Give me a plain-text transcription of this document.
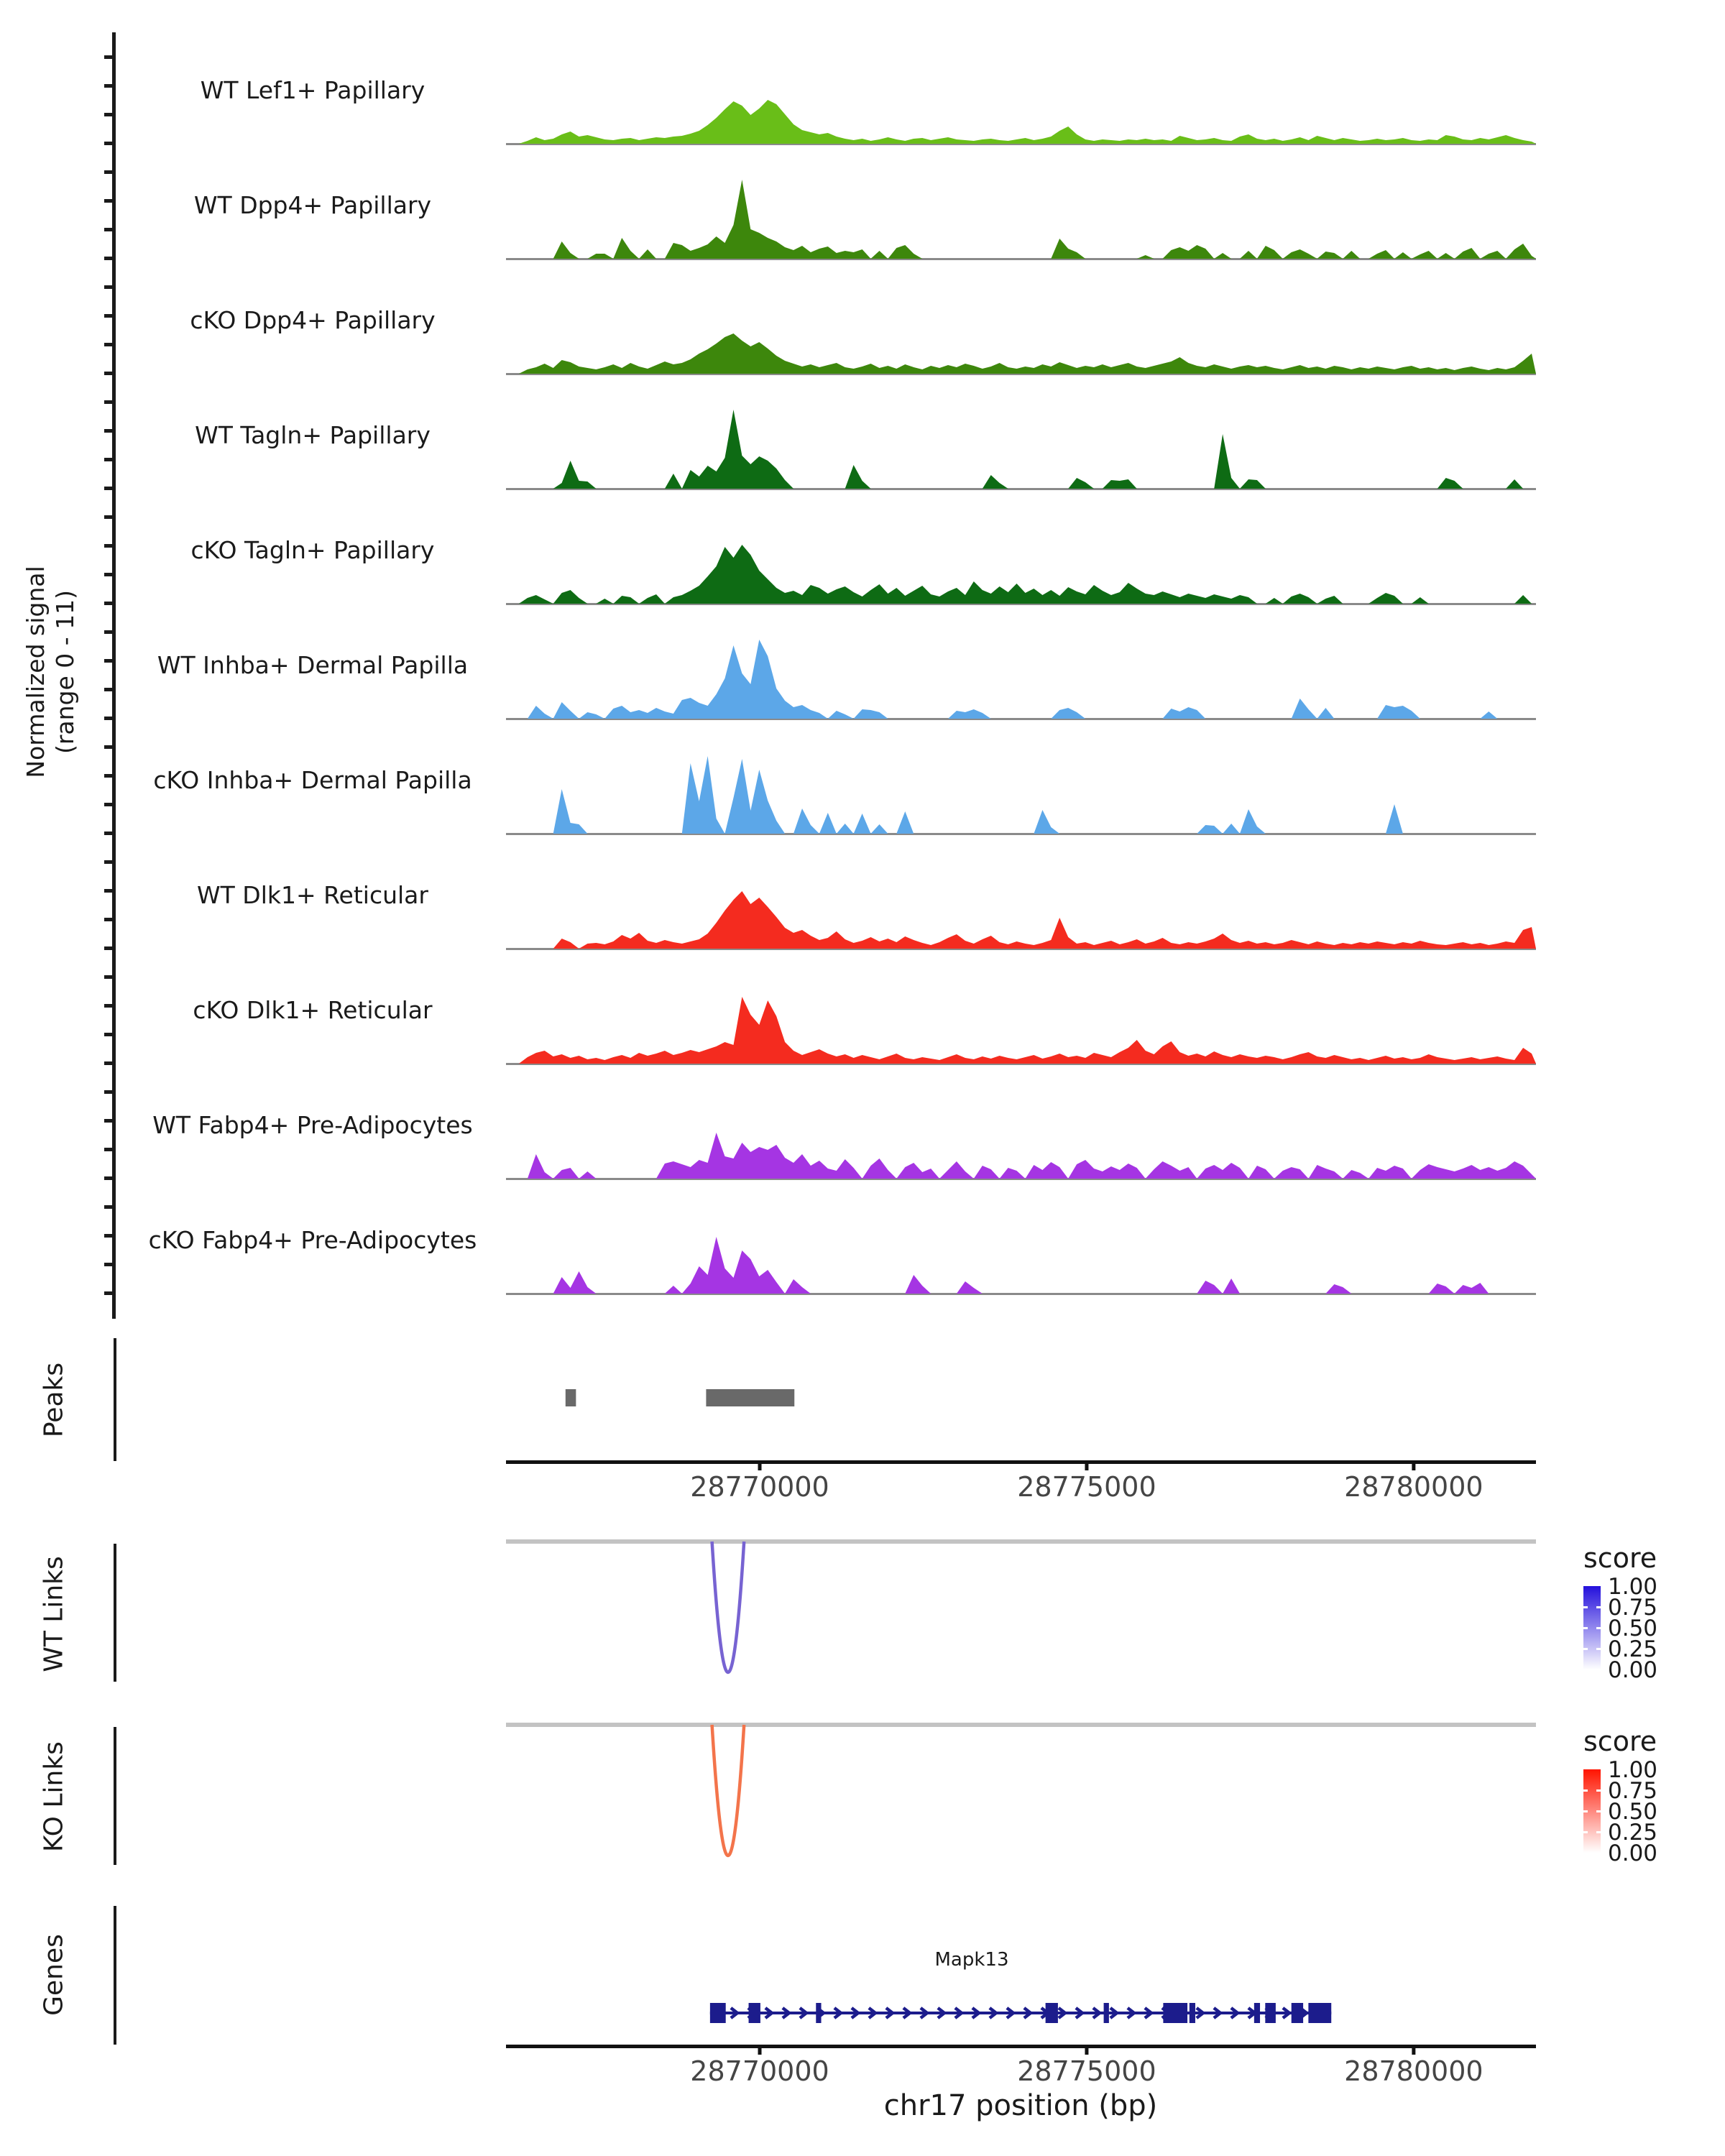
WT Lef1+ Papillary
WT Dpp4+ Papillary
cKO Dpp4+ Papillary
WT Tagln+ Papillary
cKO Tagln+ Papillary
WT Inhba+ Dermal Papilla
cKO Inhba+ Dermal Papilla
WT Dlk1+ Reticular
cKO Dlk1+ Reticular
WT Fabp4+ Pre-Adipocytes
cKO Fabp4+ Pre-Adipocytes
28770000	28775000	28780000
28770000	28775000	28780000
1.00
0.75
0.50
0.25
0.00
1.00
0.75
0.50
0.25
0.00
Normalized signal (range 0 - 11)
Peaks
WT Links
KO Links
Genes
score
score
Mapk13
chr17 position (bp)
